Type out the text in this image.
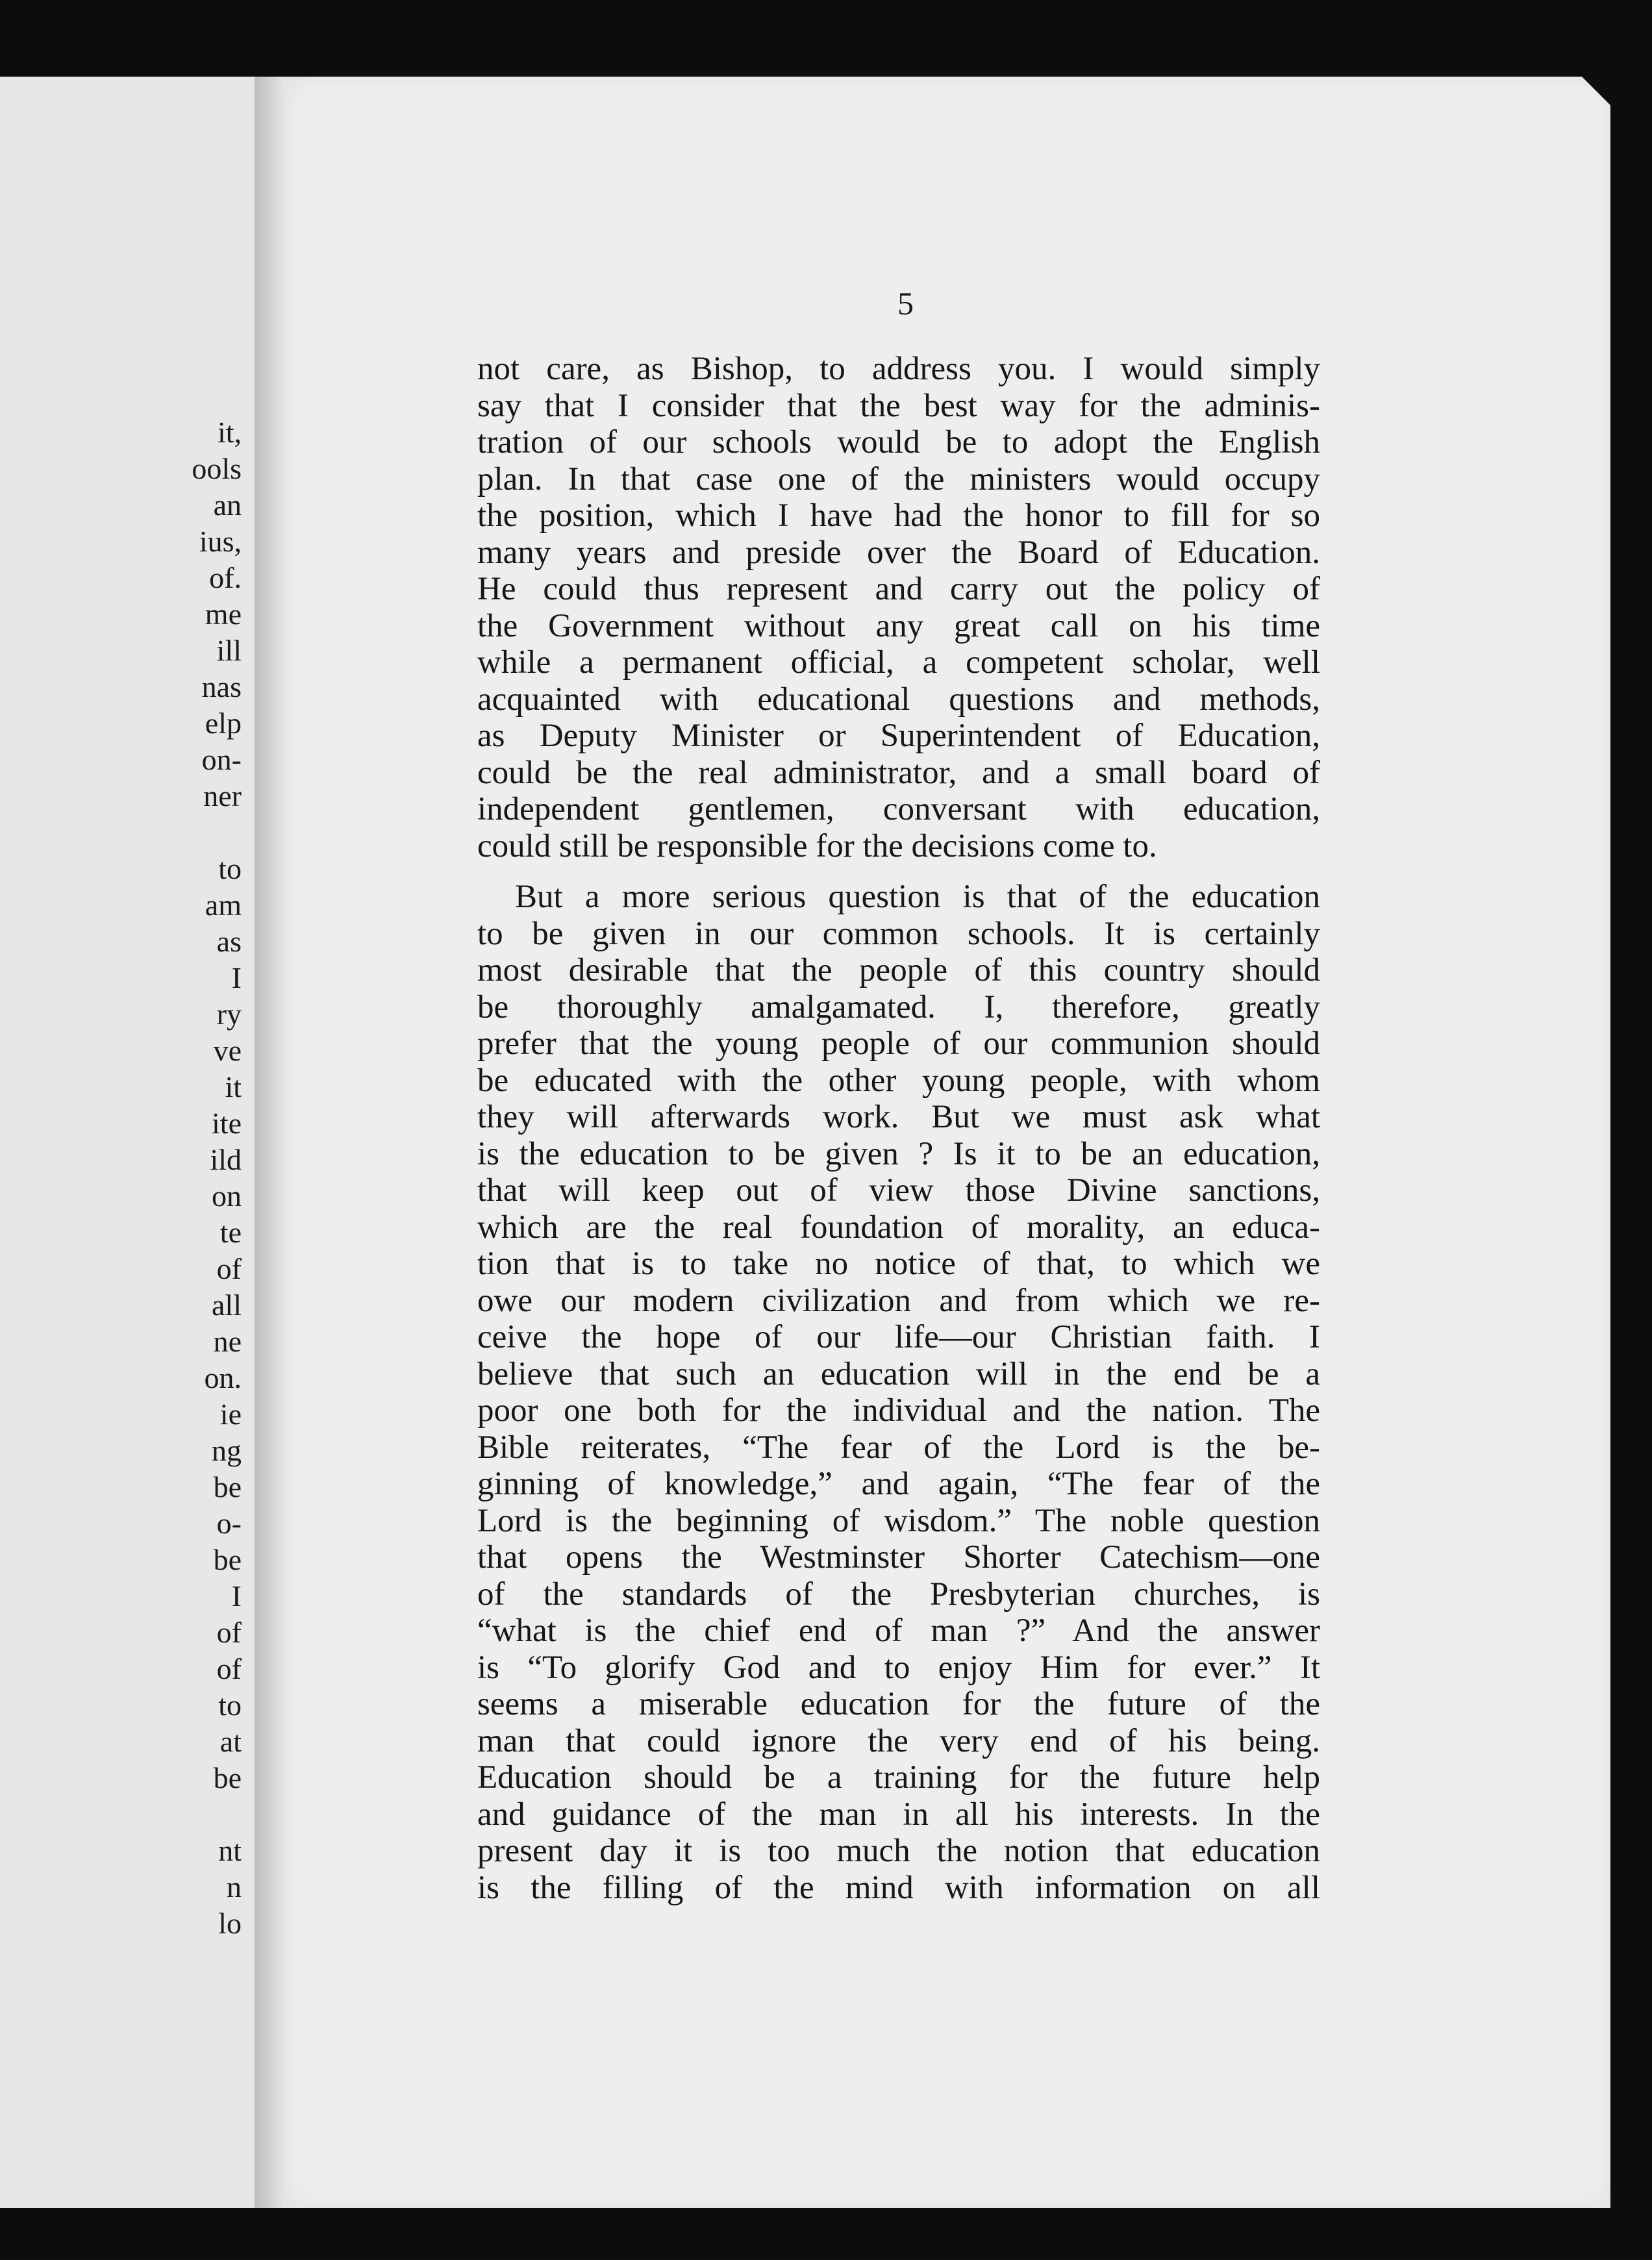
it,
ools
an
ius,
of.
me
ill
nas
elp
on-
ner
to
am
as
I
ry
ve
it
ite
ild
on
te
of
all
ne
on.
ie
ng
be
o-
be
I
of
of
to
at
be
nt
n
lo
5
not care, as Bishop, to address you. I would simply
say that I consider that the best way for the adminis-
tration of our schools would be to adopt the English
plan. In that case one of the ministers would occupy
the position, which I have had the honor to fill for so
many years and preside over the Board of Education.
He could thus represent and carry out the policy of
the Government without any great call on his time
while a permanent official, a competent scholar, well
acquainted with educational questions and methods,
as Deputy Minister or Superintendent of Education,
could be the real administrator, and a small board of
independent gentlemen, conversant with education,
could still be responsible for the decisions come to.
But a more serious question is that of the education
to be given in our common schools. It is certainly
most desirable that the people of this country should
be thoroughly amalgamated. I, therefore, greatly
prefer that the young people of our communion should
be educated with the other young people, with whom
they will afterwards work. But we must ask what
is the education to be given ? Is it to be an education,
that will keep out of view those Divine sanctions,
which are the real foundation of morality, an educa-
tion that is to take no notice of that, to which we
owe our modern civilization and from which we re-
ceive the hope of our life—our Christian faith. I
believe that such an education will in the end be a
poor one both for the individual and the nation. The
Bible reiterates, “The fear of the Lord is the be-
ginning of knowledge,” and again, “The fear of the
Lord is the beginning of wisdom.” The noble question
that opens the Westminster Shorter Catechism—one
of the standards of the Presbyterian churches, is
“what is the chief end of man ?” And the answer
is “To glorify God and to enjoy Him for ever.” It
seems a miserable education for the future of the
man that could ignore the very end of his being.
Education should be a training for the future help
and guidance of the man in all his interests. In the
present day it is too much the notion that education
is the filling of the mind with information on all
